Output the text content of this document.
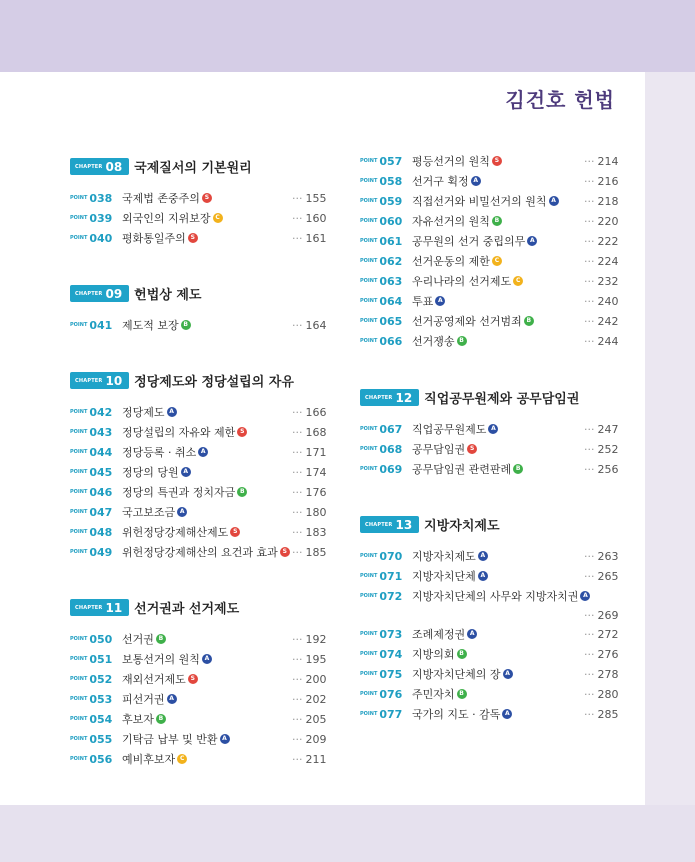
김건호 헌법
CHAPTER 08 국제질서의 기본원리
POINT 038 국제법 존중주의 S	··· 155
POINT 039 외국인의 지위보장 C	··· 160
POINT 040 평화통일주의 S	··· 161
CHAPTER 09 헌법상 제도
POINT 041 제도적 보장 B	··· 164
CHAPTER 10 정당제도와 정당설립의 자유
POINT 042 정당제도 A	··· 166
POINT 043 정당설립의 자유와 제한 S	··· 168
POINT 044 정당등록 · 취소 A	··· 171
POINT 045 정당의 당원 A	··· 174
POINT 046 정당의 특권과 정치자금 B	··· 176
POINT 047 국고보조금 A	··· 180
POINT 048 위헌정당강제해산제도 S	··· 183
POINT 049 위헌정당강제해산의 요건과 효과 S ··· 185
CHAPTER 11 선거권과 선거제도
POINT 050 선거권 B	··· 192
POINT 051 보통선거의 원칙 A	··· 195
POINT 052 재외선거제도 S	··· 200
POINT 053 피선거권 A	··· 202
POINT 054 후보자 B	··· 205
POINT 055 기탁금 납부 및 반환 A	··· 209
POINT 056 예비후보자 C	··· 211
POINT 057 평등선거의 원칙 S	··· 214
POINT 058 선거구 획정 A	··· 216
POINT 059 직접선거와 비밀선거의 원칙 A	··· 218
POINT 060 자유선거의 원칙 B	··· 220
POINT 061 공무원의 선거 중립의무 A	··· 222
POINT 062 선거운동의 제한 C	··· 224
POINT 063 우리나라의 선거제도 C	··· 232
POINT 064 투표 A	··· 240
POINT 065 선거공영제와 선거범죄 B	··· 242
POINT 066 선거쟁송 B	··· 244
CHAPTER 12 직업공무원제와 공무담임권
POINT 067 직업공무원제도 A	··· 247
POINT 068 공무담임권 S	··· 252
POINT 069 공무담임권 관련판례 B	··· 256
CHAPTER 13 지방자치제도
POINT 070 지방자치제도 A	··· 263
POINT 071 지방자치단체 A	··· 265
POINT 072 지방자치단체의 사무와 지방자치권 A
··· 269
POINT 073 조례제정권 A	··· 272
POINT 074 지방의회 B	··· 276
POINT 075 지방자치단체의 장 A	··· 278
POINT 076 주민자치 B	··· 280
POINT 077 국가의 지도 · 감독 A	··· 285
